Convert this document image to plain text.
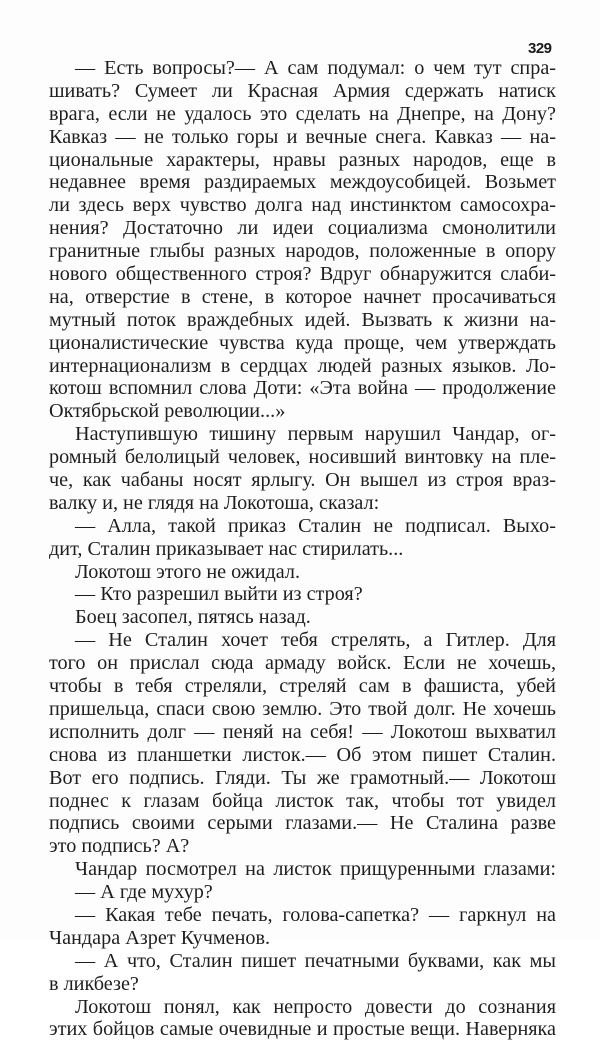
329
— Есть вопросы?— А сам подумал: о чем тут спра-
шивать? Сумеет ли Красная Армия сдержать натиск
врага, если не удалось это сделать на Днепре, на Дону?
Кавказ — не только горы и вечные снега. Кавказ — на-
циональные характеры, нравы разных народов, еще в
недавнее время раздираемых междоусобицей. Возьмет
ли здесь верх чувство долга над инстинктом самосохра-
нения? Достаточно ли идеи социализма смонолитили
гранитные глыбы разных народов, положенные в опору
нового общественного строя? Вдруг обнаружится слаби-
на, отверстие в стене, в которое начнет просачиваться
мутный поток враждебных идей. Вызвать к жизни на-
ционалистические чувства куда проще, чем утверждать
интернационализм в сердцах людей разных языков. Ло-
котош вспомнил слова Доти: «Эта война — продолжение
Октябрьской революции...»
Наступившую тишину первым нарушил Чандар, ог-
ромный белолицый человек, носивший винтовку на пле-
че, как чабаны носят ярлыгу. Он вышел из строя враз-
валку и, не глядя на Локотоша, сказал:
— Алла, такой приказ Сталин не подписал. Выхо-
дит, Сталин приказывает нас стирилать...
Локотош этого не ожидал.
— Кто разрешил выйти из строя?
Боец засопел, пятясь назад.
— Не Сталин хочет тебя стрелять, а Гитлер. Для
того он прислал сюда армаду войск. Если не хочешь,
чтобы в тебя стреляли, стреляй сам в фашиста, убей
пришельца, спаси свою землю. Это твой долг. Не хочешь
исполнить долг — пеняй на себя! — Локотош выхватил
снова из планшетки листок.— Об этом пишет Сталин.
Вот его подпись. Гляди. Ты же грамотный.— Локотош
поднес к глазам бойца листок так, чтобы тот увидел
подпись своими серыми глазами.— Не Сталина разве
это подпись? А?
Чандар посмотрел на листок прищуренными глазами:
— А где мухур?
— Какая тебе печать, голова-сапетка? — гаркнул на
Чандара Азрет Кучменов.
— А что, Сталин пишет печатными буквами, как мы
в ликбезе?
Локотош понял, как непросто довести до сознания
этих бойцов самые очевидные и простые вещи. Наверняка
